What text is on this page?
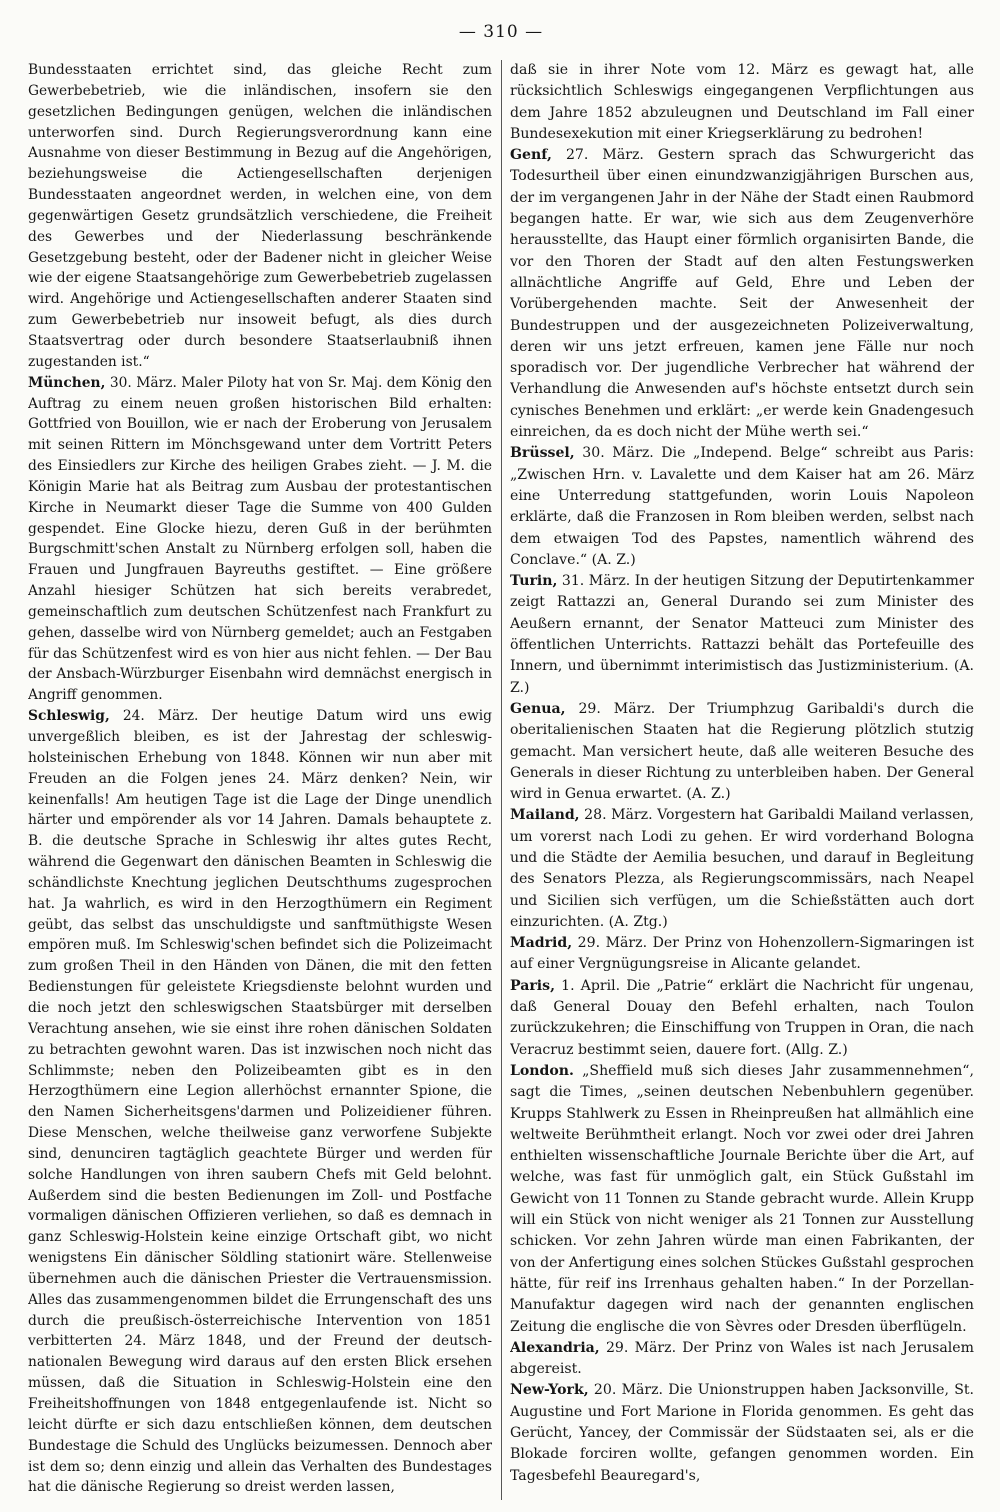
— 310 —

Bundesstaaten errichtet sind, das gleiche Recht zum Gewerbebetrieb, wie die inländischen, insofern sie den gesetzlichen Bedingungen genügen, welchen die inländischen unterworfen sind. Durch Regierungsverordnung kann eine Ausnahme von dieser Bestimmung in Bezug auf die Angehörigen, beziehungsweise die Actiengesellschaften derjenigen Bundesstaaten angeordnet werden, in welchen eine, von dem gegenwärtigen Gesetz grundsätzlich verschiedene, die Freiheit des Gewerbes und der Niederlassung beschränkende Gesetzgebung besteht, oder der Badener nicht in gleicher Weise wie der eigene Staatsangehörige zum Gewerbebetrieb zugelassen wird. Angehörige und Actiengesellschaften anderer Staaten sind zum Gewerbebetrieb nur insoweit befugt, als dies durch Staatsvertrag oder durch besondere Staatserlaubniß ihnen zugestanden ist.“

München, 30. März. Maler Piloty hat von Sr. Maj. dem König den Auftrag zu einem neuen großen historischen Bild erhalten: Gottfried von Bouillon, wie er nach der Eroberung von Jerusalem mit seinen Rittern im Mönchsgewand unter dem Vortritt Peters des Einsiedlers zur Kirche des heiligen Grabes zieht. — J. M. die Königin Marie hat als Beitrag zum Ausbau der protestantischen Kirche in Neumarkt dieser Tage die Summe von 400 Gulden gespendet. Eine Glocke hiezu, deren Guß in der berühmten Burgschmitt'schen Anstalt zu Nürnberg erfolgen soll, haben die Frauen und Jungfrauen Bayreuths gestiftet. — Eine größere Anzahl hiesiger Schützen hat sich bereits verabredet, gemeinschaftlich zum deutschen Schützenfest nach Frankfurt zu gehen, dasselbe wird von Nürnberg gemeldet; auch an Festgaben für das Schützenfest wird es von hier aus nicht fehlen. — Der Bau der Ansbach-Würzburger Eisenbahn wird demnächst energisch in Angriff genommen.

Schleswig, 24. März. Der heutige Datum wird uns ewig unvergeßlich bleiben, es ist der Jahrestag der schleswig-holsteinischen Erhebung von 1848. Können wir nun aber mit Freuden an die Folgen jenes 24. März denken? Nein, wir keinenfalls! Am heutigen Tage ist die Lage der Dinge unendlich härter und empörender als vor 14 Jahren. Damals behauptete z. B. die deutsche Sprache in Schleswig ihr altes gutes Recht, während die Gegenwart den dänischen Beamten in Schleswig die schändlichste Knechtung jeglichen Deutschthums zugesprochen hat. Ja wahrlich, es wird in den Herzogthümern ein Regiment geübt, das selbst das unschuldigste und sanftmüthigste Wesen empören muß. Im Schleswig'schen befindet sich die Polizeimacht zum großen Theil in den Händen von Dänen, die mit den fetten Bedienstungen für geleistete Kriegsdienste belohnt wurden und die noch jetzt den schleswigschen Staatsbürger mit derselben Verachtung ansehen, wie sie einst ihre rohen dänischen Soldaten zu betrachten gewohnt waren. Das ist inzwischen noch nicht das Schlimmste; neben den Polizeibeamten gibt es in den Herzogthümern eine Legion allerhöchst ernannter Spione, die den Namen Sicherheitsgens'darmen und Polizeidiener führen. Diese Menschen, welche theilweise ganz verworfene Subjekte sind, denunciren tagtäglich geachtete Bürger und werden für solche Handlungen von ihren saubern Chefs mit Geld belohnt. Außerdem sind die besten Bedienungen im Zoll- und Postfache vormaligen dänischen Offizieren verliehen, so daß es demnach in ganz Schleswig-Holstein keine einzige Ortschaft gibt, wo nicht wenigstens Ein dänischer Söldling stationirt wäre. Stellenweise übernehmen auch die dänischen Priester die Vertrauensmission. Alles das zusammengenommen bildet die Errungenschaft des uns durch die preußisch-österreichische Intervention von 1851 verbitterten 24. März 1848, und der Freund der deutsch-nationalen Bewegung wird daraus auf den ersten Blick ersehen müssen, daß die Situation in Schleswig-Holstein eine den Freiheitshoffnungen von 1848 entgegenlaufende ist. Nicht so leicht dürfte er sich dazu entschließen können, dem deutschen Bundestage die Schuld des Unglücks beizumessen. Dennoch aber ist dem so; denn einzig und allein das Verhalten des Bundestages hat die dänische Regierung so dreist werden lassen,

daß sie in ihrer Note vom 12. März es gewagt hat, alle rücksichtlich Schleswigs eingegangenen Verpflichtungen aus dem Jahre 1852 abzuleugnen und Deutschland im Fall einer Bundesexekution mit einer Kriegserklärung zu bedrohen!

Genf, 27. März. Gestern sprach das Schwurgericht das Todesurtheil über einen einundzwanzigjährigen Burschen aus, der im vergangenen Jahr in der Nähe der Stadt einen Raubmord begangen hatte. Er war, wie sich aus dem Zeugenverhöre herausstellte, das Haupt einer förmlich organisirten Bande, die vor den Thoren der Stadt auf den alten Festungswerken allnächtliche Angriffe auf Geld, Ehre und Leben der Vorübergehenden machte. Seit der Anwesenheit der Bundestruppen und der ausgezeichneten Polizeiverwaltung, deren wir uns jetzt erfreuen, kamen jene Fälle nur noch sporadisch vor. Der jugendliche Verbrecher hat während der Verhandlung die Anwesenden auf's höchste entsetzt durch sein cynisches Benehmen und erklärt: „er werde kein Gnadengesuch einreichen, da es doch nicht der Mühe werth sei.“

Brüssel, 30. März. Die „Independ. Belge“ schreibt aus Paris: „Zwischen Hrn. v. Lavalette und dem Kaiser hat am 26. März eine Unterredung stattgefunden, worin Louis Napoleon erklärte, daß die Franzosen in Rom bleiben werden, selbst nach dem etwaigen Tod des Papstes, namentlich während des Conclave.“ (A. Z.)

Turin, 31. März. In der heutigen Sitzung der Deputirtenkammer zeigt Rattazzi an, General Durando sei zum Minister des Aeußern ernannt, der Senator Matteuci zum Minister des öffentlichen Unterrichts. Rattazzi behält das Portefeuille des Innern, und übernimmt interimistisch das Justizministerium. (A. Z.)

Genua, 29. März. Der Triumphzug Garibaldi's durch die oberitalienischen Staaten hat die Regierung plötzlich stutzig gemacht. Man versichert heute, daß alle weiteren Besuche des Generals in dieser Richtung zu unterbleiben haben. Der General wird in Genua erwartet. (A. Z.)

Mailand, 28. März. Vorgestern hat Garibaldi Mailand verlassen, um vorerst nach Lodi zu gehen. Er wird vorderhand Bologna und die Städte der Aemilia besuchen, und darauf in Begleitung des Senators Plezza, als Regierungscommissärs, nach Neapel und Sicilien sich verfügen, um die Schießstätten auch dort einzurichten. (A. Ztg.)

Madrid, 29. März. Der Prinz von Hohenzollern-Sigmaringen ist auf einer Vergnügungsreise in Alicante gelandet.

Paris, 1. April. Die „Patrie“ erklärt die Nachricht für ungenau, daß General Douay den Befehl erhalten, nach Toulon zurückzukehren; die Einschiffung von Truppen in Oran, die nach Veracruz bestimmt seien, dauere fort. (Allg. Z.)

London. „Sheffield muß sich dieses Jahr zusammennehmen“, sagt die Times, „seinen deutschen Nebenbuhlern gegenüber. Krupps Stahlwerk zu Essen in Rheinpreußen hat allmählich eine weltweite Berühmtheit erlangt. Noch vor zwei oder drei Jahren enthielten wissenschaftliche Journale Berichte über die Art, auf welche, was fast für unmöglich galt, ein Stück Gußstahl im Gewicht von 11 Tonnen zu Stande gebracht wurde. Allein Krupp will ein Stück von nicht weniger als 21 Tonnen zur Ausstellung schicken. Vor zehn Jahren würde man einen Fabrikanten, der von der Anfertigung eines solchen Stückes Gußstahl gesprochen hätte, für reif ins Irrenhaus gehalten haben.“ In der Porzellan-Manufaktur dagegen wird nach der genannten englischen Zeitung die englische die von Sèvres oder Dresden überflügeln.

Alexandria, 29. März. Der Prinz von Wales ist nach Jerusalem abgereist.

New-York, 20. März. Die Unionstruppen haben Jacksonville, St. Augustine und Fort Marione in Florida genommen. Es geht das Gerücht, Yancey, der Commissär der Südstaaten sei, als er die Blokade forciren wollte, gefangen genommen worden. Ein Tagesbefehl Beauregard's,
